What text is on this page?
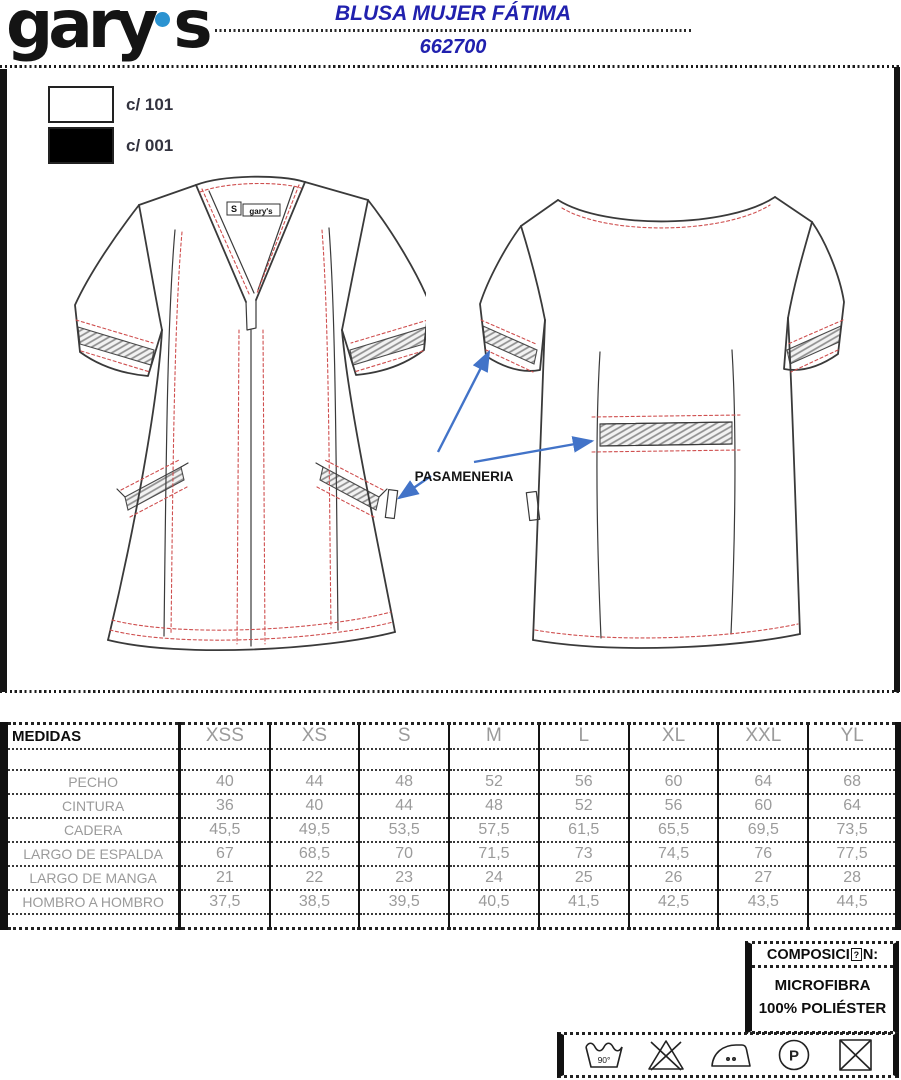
gary s	BLUSA MUJER FÁTIMA
662700
c/ 101
c/ 001
S gary's
PASAMENERIA
MEDIDAS	XSS	XS	S	M	L	XL	XXL	YL

PECHO	40	44	48	52	56	60	64	68
CINTURA	36	40	44	48	52	56	60	64
CADERA	45,5	49,5	53,5	57,5	61,5	65,5	69,5	73,5
LARGO DE ESPALDA	67	68,5	70	71,5	73	74,5	76	77,5
LARGO DE MANGA	21	22	23	24	25	26	27	28
HOMBRO A HOMBRO	37,5	38,5	39,5	40,5	41,5	42,5	43,5	44,5

COMPOSICI ? N:
MICROFIBRA
100% POLIÉSTER
90°	P
